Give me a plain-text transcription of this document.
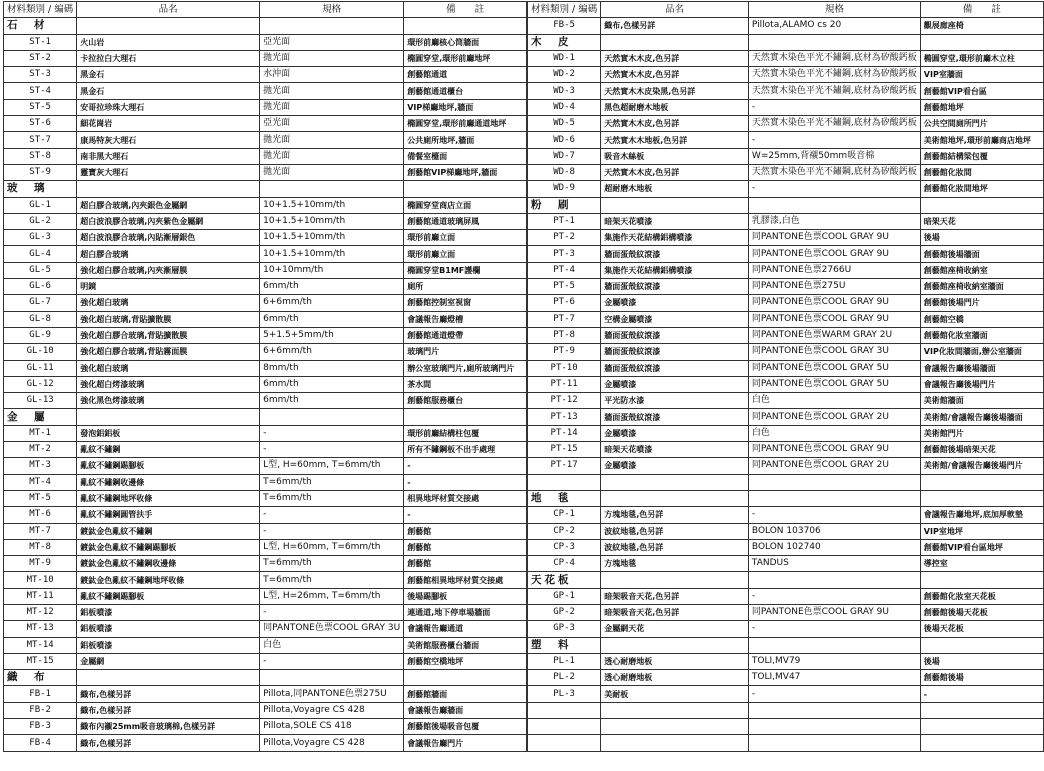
材料類別 / 編碼	品名	規格	備　　註
石　材			
ST-1	火山岩	亞光面	環形前廳核心筒牆面
ST-2	卡拉拉白大理石	拋光面	橢圓穿堂,環形前廳地坪
ST-3	黑金石	水沖面	創藝館通道
ST-4	黑金石	拋光面	創藝館通道櫃台
ST-5	安哥拉珍珠大理石	拋光面	VIP梯廳地坪,牆面
ST-6	細花崗岩	亞光面	橢圓穿堂,環形前廳通道地坪
ST-7	康馬特灰大理石	拋光面	公共廁所地坪,牆面
ST-8	南非黑大理石	拋光面	備餐室檯面
ST-9	靈寶灰大理石	拋光面	創藝館VIP梯廳地坪,牆面
玻　璃			
GL-1	超白膠合玻璃,內夾銀色金屬網	10+1.5+10mm/th	橢圓穿堂商店立面
GL-2	超白波浪膠合玻璃,內夾紫色金屬網	10+1.5+10mm/th	創藝館通道玻璃屏風
GL-3	超白波浪膠合玻璃,內貼漸層銀色	10+1.5+10mm/th	環形前廳立面
GL-4	超白膠合玻璃	10+1.5+10mm/th	環形前廳立面
GL-5	強化超白膠合玻璃,內夾漸層膜	10+10mm/th	橢圓穿堂B1MF護欄
GL-6	明鏡	6mm/th	廁所
GL-7	強化超白玻璃	6+6mm/th	創藝館控制室視窗
GL-8	強化超白玻璃,背貼擴散膜	6mm/th	會議報告廳燈槽
GL-9	強化超白膠合玻璃,背貼擴散膜	5+1.5+5mm/th	創藝館通道燈帶
GL-10	強化超白膠合玻璃,背貼霧面膜	6+6mm/th	玻璃門片
GL-11	強化超白玻璃	8mm/th	辦公室玻璃門片,廁所玻璃門片
GL-12	強化超白烤漆玻璃	6mm/th	茶水間
GL-13	強化黑色烤漆玻璃	6mm/th	創藝館服務櫃台
金　屬			
MT-1	發泡鋁鋁板	-	環形前廳結構柱包覆
MT-2	亂紋不鏽鋼	-	所有不鏽鋼板不出手處理
MT-3	亂紋不鏽鋼踢腳板	L型, H=60mm, T=6mm/th	-
MT-4	亂紋不鏽鋼收邊條	T=6mm/th	-
MT-5	亂紋不鏽鋼地坪收條	T=6mm/th	相異地坪材質交接處
MT-6	亂紋不鏽鋼圓管扶手	-	-
MT-7	鍍鈦金色亂紋不鏽鋼	-	創藝館
MT-8	鍍鈦金色亂紋不鏽鋼踢腳板	L型, H=60mm, T=6mm/th	創藝館
MT-9	鍍鈦金色亂紋不鏽鋼收邊條	T=6mm/th	創藝館
MT-10	鍍鈦金色亂紋不鏽鋼地坪收條	T=6mm/th	創藝館相異地坪材質交接處
MT-11	亂紋不鏽鋼踢腳板	L型, H=26mm, T=6mm/th	後場踢腳板
MT-12	鋁板噴漆	-	連通道,地下停車場牆面
MT-13	鋁板噴漆	同PANTONE色票COOL GRAY 3U	會議報告廳通道
MT-14	鋁板噴漆	白色	美術館服務櫃台牆面
MT-15	金屬網	-	創藝館空橋地坪
織　布			
FB-1	織布,色樣另詳	Pillota,同PANTONE色票275U	創藝館牆面
FB-2	織布,色樣另詳	Pillota,Voyagre CS 428	會議報告廳牆面
FB-3	織布內襯25mm吸音玻璃棉,色樣另詳	Pillota,SOLE CS 418	創藝館後場吸音包覆
FB-4	織布,色樣另詳	Pillota,Voyagre CS 428	會議報告廳門片
材料類別 / 編碼	品名	規格	備　　註
FB-5	織布,色樣另詳	Pillota,ALAMO cs 20	觀展廊座椅
木　皮			
WD-1	天然實木木皮,色另詳	天然實木染色平光不鏽鋼,底材為矽酸鈣板	橢圓穿堂,環形前廳木立柱
WD-2	天然實木木皮,色另詳	天然實木染色平光不鏽鋼,底材為矽酸鈣板	VIP室牆面
WD-3	天然實木木皮染黑,色另詳	天然實木染色平光不鏽鋼,底材為矽酸鈣板	創藝館VIP看台區
WD-4	黑色超耐磨木地板	-	創藝館地坪
WD-5	天然實木木皮,色另詳	天然實木染色平光不鏽鋼,底材為矽酸鈣板	公共空間廁所門片
WD-6	天然實木木地板,色另詳	-	美術館地坪,環形前廳商店地坪
WD-7	吸音木絲板	W=25mm,背襯50mm吸音棉	創藝館結構梁包覆
WD-8	天然實木木皮,色另詳	天然實木染色平光不鏽鋼,底材為矽酸鈣板	創藝館化妝間
WD-9	超耐磨木地板	-	創藝館化妝間地坪
粉　刷			
PT-1	暗架天花噴漆	乳膠漆,白色	暗架天花
PT-2	集施作天花結構鋁構噴漆	同PANTONE色票COOL GRAY 9U	後場
PT-3	牆面蛋殼紋滾漆	同PANTONE色票COOL GRAY 9U	創藝館後場牆面
PT-4	集施作天花結構鋁構噴漆	同PANTONE色票2766U	創藝館座椅收納室
PT-5	牆面蛋殼紋滾漆	同PANTONE色票275U	創藝館座椅收納室牆面
PT-6	金屬噴漆	同PANTONE色票COOL GRAY 9U	創藝館後場門片
PT-7	空構金屬噴漆	同PANTONE色票COOL GRAY 9U	創藝館空橋
PT-8	牆面蛋殼紋滾漆	同PANTONE色票WARM GRAY 2U	創藝館化妝室牆面
PT-9	牆面蛋殼紋滾漆	同PANTONE色票COOL GRAY 3U	VIP化妝間牆面,辦公室牆面
PT-10	牆面蛋殼紋滾漆	同PANTONE色票COOL GRAY 5U	會議報告廳後場牆面
PT-11	金屬噴漆	同PANTONE色票COOL GRAY 5U	會議報告廳後場門片
PT-12	平光防水漆	白色	美術館牆面
PT-13	牆面蛋殼紋滾漆	同PANTONE色票COOL GRAY 2U	美術館/會議報告廳後場牆面
PT-14	金屬噴漆	白色	美術館門片
PT-15	暗架天花噴漆	同PANTONE色票COOL GRAY 9U	創藝館後場暗架天花
PT-17	金屬噴漆	同PANTONE色票COOL GRAY 2U	美術館/會議報告廳後場門片

地　毯			
CP-1	方塊地毯,色另詳	-	會議報告廳地坪,底加厚軟墊
CP-2	波紋地毯,色另詳	BOLON 103706	VIP室地坪
CP-3	波紋地毯,色另詳	BOLON 102740	創藝館VIP看台區地坪
CP-4	方塊地毯	TANDUS	導控室
天花板			
GP-1	暗架吸音天花,色另詳	-	創藝館化妝室天花板
GP-2	暗架吸音天花,色另詳	同PANTONE色票COOL GRAY 9U	創藝館後場天花板
GP-3	金屬網天花	-	後場天花板
塑　料			
PL-1	透心耐磨地板	TOLI,MV79	後場
PL-2	透心耐磨地板	TOLI,MV47	創藝館後場
PL-3	美耐板	-	-
